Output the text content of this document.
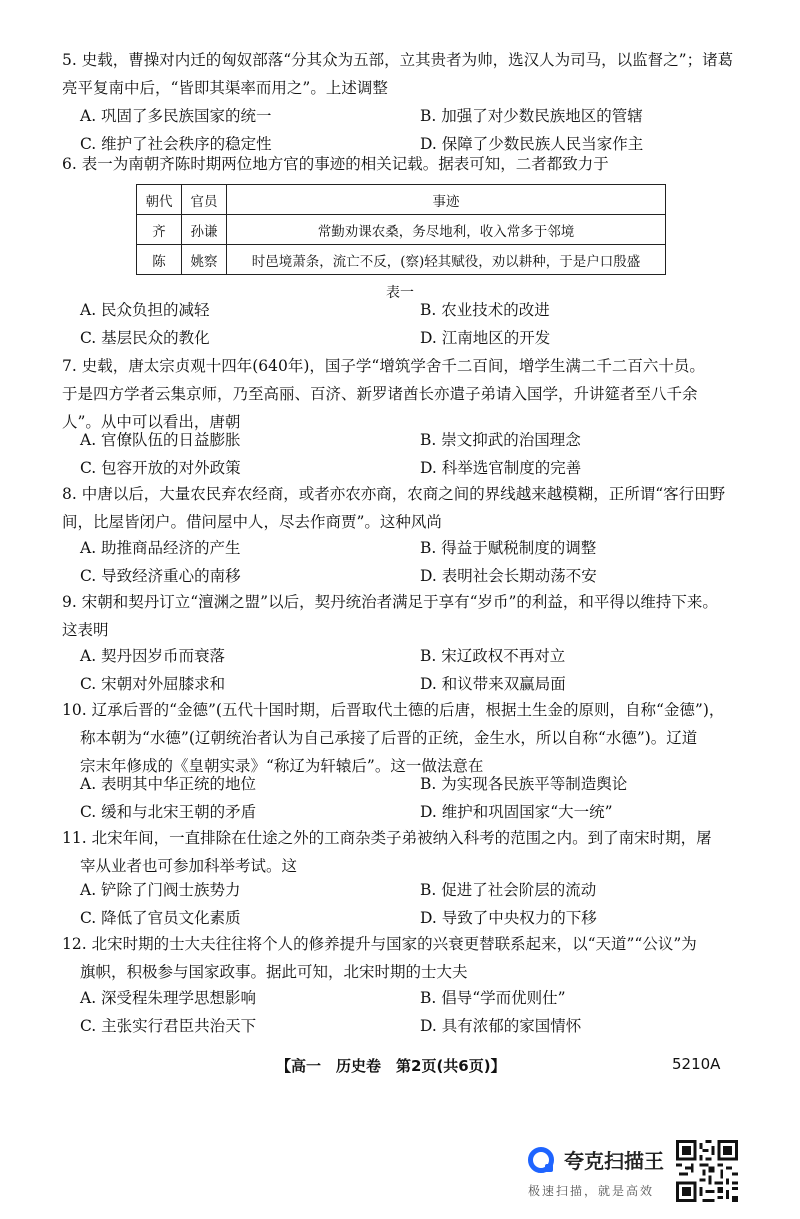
5. 史载，曹操对内迁的匈奴部落“分其众为五部，立其贵者为帅，选汉人为司马，以监督之”；诸葛
亮平复南中后，“皆即其渠率而用之”。上述调整
A. 巩固了多民族国家的统一	B. 加强了对少数民族地区的管辖
C. 维护了社会秩序的稳定性	D. 保障了少数民族人民当家作主
6. 表一为南朝齐陈时期两位地方官的事迹的相关记载。据表可知，二者都致力于
朝代	官员	事迹
齐	孙谦	常勤劝课农桑，务尽地利，收入常多于邻境
陈	姚察	时邑境萧条，流亡不反，(察)轻其赋役，劝以耕种，于是户口殷盛
表一
A. 民众负担的减轻	B. 农业技术的改进
C. 基层民众的教化	D. 江南地区的开发
7. 史载，唐太宗贞观十四年(640年)，国子学“增筑学舍千二百间，增学生满二千二百六十员。
于是四方学者云集京师，乃至高丽、百济、新罗诸酋长亦遣子弟请入国学，升讲筵者至八千余
人”。从中可以看出，唐朝
A. 官僚队伍的日益膨胀	B. 崇文抑武的治国理念
C. 包容开放的对外政策	D. 科举选官制度的完善
8. 中唐以后，大量农民弃农经商，或者亦农亦商，农商之间的界线越来越模糊，正所谓“客行田野
间，比屋皆闭户。借问屋中人，尽去作商贾”。这种风尚
A. 助推商品经济的产生	B. 得益于赋税制度的调整
C. 导致经济重心的南移	D. 表明社会长期动荡不安
9. 宋朝和契丹订立“澶渊之盟”以后，契丹统治者满足于享有“岁币”的利益，和平得以维持下来。
这表明
A. 契丹因岁币而衰落	B. 宋辽政权不再对立
C. 宋朝对外屈膝求和	D. 和议带来双赢局面
10. 辽承后晋的“金德”(五代十国时期，后晋取代土德的后唐，根据土生金的原则，自称“金德”)，
称本朝为“水德”(辽朝统治者认为自己承接了后晋的正统，金生水，所以自称“水德”)。辽道
宗末年修成的《皇朝实录》“称辽为轩辕后”。这一做法意在
A. 表明其中华正统的地位	B. 为实现各民族平等制造舆论
C. 缓和与北宋王朝的矛盾	D. 维护和巩固国家“大一统”
11. 北宋年间，一直排除在仕途之外的工商杂类子弟被纳入科考的范围之内。到了南宋时期，屠
宰从业者也可参加科举考试。这
A. 铲除了门阀士族势力	B. 促进了社会阶层的流动
C. 降低了官员文化素质	D. 导致了中央权力的下移
12. 北宋时期的士大夫往往将个人的修养提升与国家的兴衰更替联系起来，以“天道”“公议”为
旗帜，积极参与国家政事。据此可知，北宋时期的士大夫
A. 深受程朱理学思想影响	B. 倡导“学而优则仕”
C. 主张实行君臣共治天下	D. 具有浓郁的家国情怀
【高一　历史卷　第2页(共6页)】	5210A
夸克扫描王
极速扫描，就是高效
